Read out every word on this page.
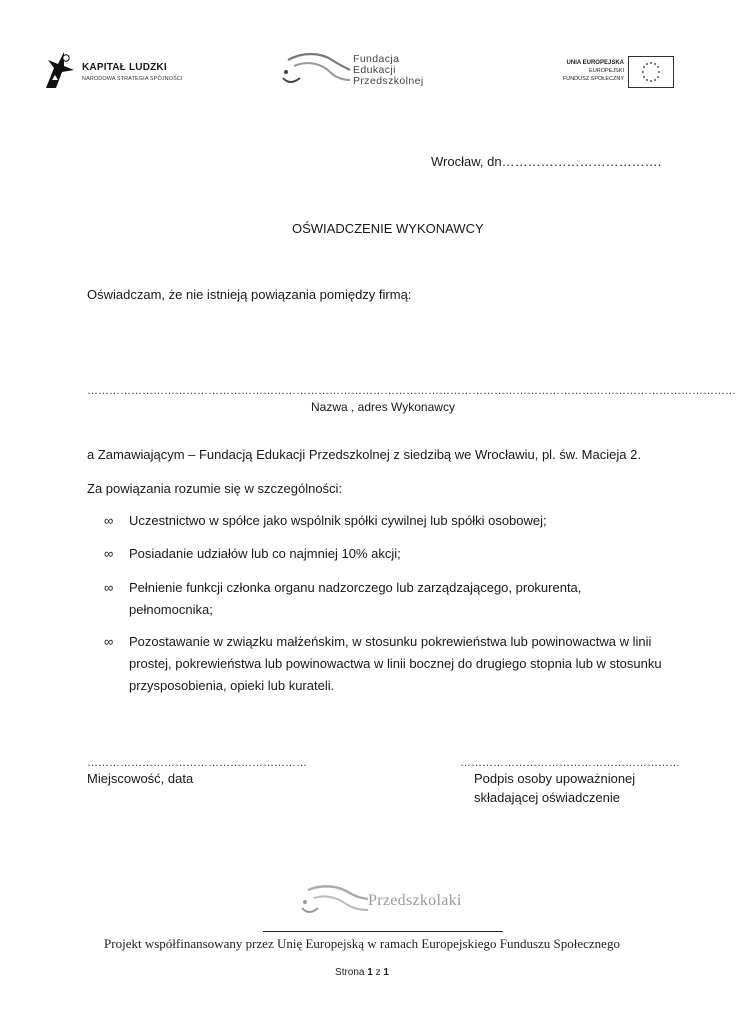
KAPITAŁ LUDZKI
NARODOWA STRATEGIA SPÓJNOŚCI
Fundacja
Edukacji
Przedszkolnej
UNIA EUROPEJSKA
EUROPEJSKI
FUNDUSZ SPOŁECZNY
Wrocław, dn……………………………….
OŚWIADCZENIE WYKONAWCY
Oświadczam, że nie istnieją powiązania pomiędzy firmą:
……………………………………………………………………………………………………………………………………………………………
Nazwa , adres Wykonawcy
a Zamawiającym – Fundacją Edukacji Przedszkolnej z siedzibą we Wrocławiu, pl. św. Macieja 2.
Za powiązania rozumie się w szczególności:
∞ Uczestnictwo w spółce jako wspólnik spółki cywilnej lub spółki osobowej;
∞ Posiadanie udziałów lub co najmniej 10% akcji;
∞ Pełnienie funkcji członka organu nadzorczego lub zarządzającego, prokurenta, pełnomocnika;
∞ Pozostawanie w związku małżeńskim, w stosunku pokrewieństwa lub powinowactwa w linii prostej, pokrewieństwa lub powinowactwa w linii bocznej do drugiego stopnia lub w stosunku przysposobienia, opieki lub kurateli.
……………………………………………………
Miejscowość, data
……………………………………………………
Podpis osoby upoważnionej
składającej oświadczenie
Przedszkolaki
Projekt współfinansowany przez Unię Europejską w ramach Europejskiego Funduszu Społecznego
Strona 1 z 1
